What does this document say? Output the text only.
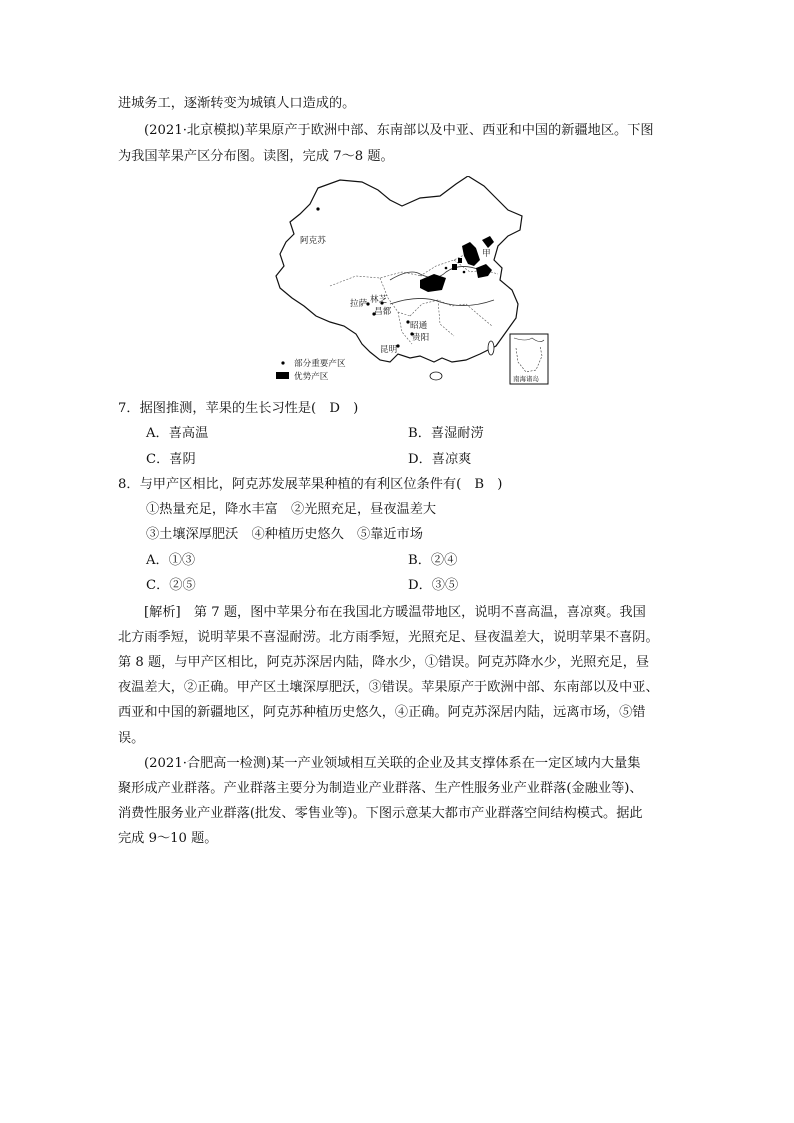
进城务工，逐渐转变为城镇人口造成的。
(2021·北京模拟)苹果原产于欧洲中部、东南部以及中亚、西亚和中国的新疆地区。下图
为我国苹果产区分布图。读图，完成 7～8 题。
阿克苏
甲
拉萨 林芝
昌都
昭通
贵阳
昆明
南海诸岛
部分重要产区
优势产区
7．据图推测，苹果的生长习性是(　D　)
A．喜高温	B．喜湿耐涝
C．喜阴	D．喜凉爽
8．与甲产区相比，阿克苏发展苹果种植的有利区位条件有(　B　)
①热量充足，降水丰富　②光照充足，昼夜温差大
③土壤深厚肥沃　④种植历史悠久　⑤靠近市场
A．①③	B．②④
C．②⑤	D．③⑤
[解析]　第 7 题，图中苹果分布在我国北方暖温带地区，说明不喜高温，喜凉爽。我国
北方雨季短，说明苹果不喜湿耐涝。北方雨季短，光照充足、昼夜温差大，说明苹果不喜阴。
第 8 题，与甲产区相比，阿克苏深居内陆，降水少，①错误。阿克苏降水少，光照充足，昼
夜温差大，②正确。甲产区土壤深厚肥沃，③错误。苹果原产于欧洲中部、东南部以及中亚、
西亚和中国的新疆地区，阿克苏种植历史悠久，④正确。阿克苏深居内陆，远离市场，⑤错
误。
(2021·合肥高一检测)某一产业领域相互关联的企业及其支撑体系在一定区域内大量集
聚形成产业群落。产业群落主要分为制造业产业群落、生产性服务业产业群落(金融业等)、
消费性服务业产业群落(批发、零售业等)。下图示意某大都市产业群落空间结构模式。据此
完成 9～10 题。
